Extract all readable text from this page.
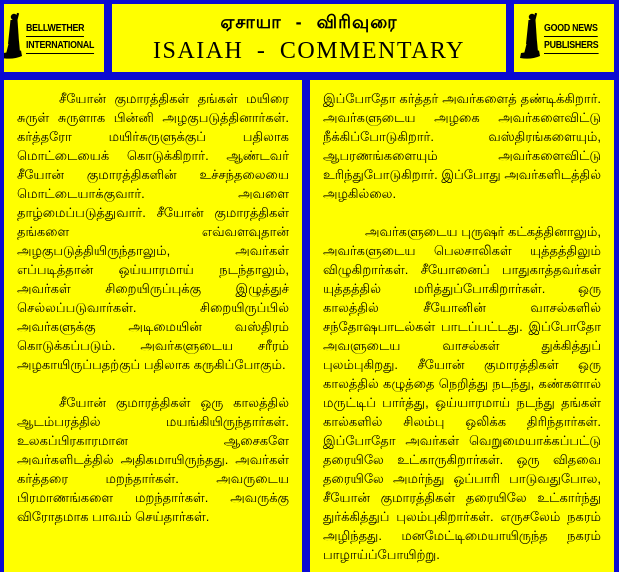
BELLWETHER
INTERNATIONAL
ஏசாயா - விரிவுரை
ISAIAH - COMMENTARY
GOOD NEWS
PUBLISHERS

சீயோன் குமாரத்திகள் தங்கள் மயிரை சுருள் சுருளாக பின்னி அழகுபடுத்தினார்கள். கர்த்தரோ மயிர்சுருளுக்குப் பதிலாக மொட்டையைக் கொடுக்கிறார். ஆண்டவர் சீயோன் குமாரத்திகளின் உச்சந்தலையை மொட்டையாக்குவார். அவளை தாழ்மைப்படுத்துவார். சீயோன் குமாரத்திகள் தங்களை எவ்வளவுதான் அழகுபடுத்தியிருந்தாலும், அவர்கள் எப்படித்தான் ஒய்யாரமாய் நடந்தாலும், அவர்கள் சிறையிருப்புக்கு இழுத்துச் செல்லப்படுவார்கள். சிறையிருப்பில் அவர்களுக்கு அடிமையின் வஸ்திரம் கொடுக்கப்படும். அவர்களுடைய சரீரம் அழகாயிருப்பதற்குப் பதிலாக கருகிப்போகும்.

சீயோன் குமாரத்திகள் ஒரு காலத்தில் ஆடம்பரத்தில் மயங்கியிருந்தார்கள். உலகப்பிரகாரமான ஆசைகளே அவர்களிடத்தில் அதிகமாயிருந்தது. அவர்கள் கர்த்தரை மறந்தார்கள். அவருடைய பிரமாணங்களை மறந்தார்கள். அவருக்கு விரோதமாக பாவம் செய்தார்கள்.

இப்போதோ கர்த்தர் அவர்களைத் தண்டிக்கிறார். அவர்களுடைய அழகை அவர்களைவிட்டு நீக்கிப்போடுகிறார். வஸ்திரங்களையும், ஆபரணங்களையும் அவர்களைவிட்டு உரிந்துபோடுகிறார். இப்போது அவர்களிடத்தில் அழகில்லை.

அவர்களுடைய புருஷர் கட்கத்தினாலும், அவர்களுடைய பெலசாலிகள் யுத்தத்திலும் விழுகிறார்கள். சீயோனைப் பாதுகாத்தவர்கள் யுத்தத்தில் மரித்துப்போகிறார்கள். ஒரு காலத்தில் சீயோனின் வாசல்களில் சந்தோஷபாடல்கள் பாடப்பட்டது. இப்போதோ அவளுடைய வாசல்கள் துக்கித்துப் புலம்புகிறது. சீயோன் குமாரத்திகள் ஒரு காலத்தில் கழுத்தை நெறித்து நடந்து, கண்களால் மருட்டிப் பார்த்து, ஒய்யாரமாய் நடந்து தங்கள் கால்களில் சிலம்பு ஒலிக்க திரிந்தார்கள். இப்போதோ அவர்கள் வெறுமையாக்கப்பட்டு தரையிலே உட்காருகிறார்கள். ஒரு விதவை தரையிலே அமர்ந்து ஒப்பாரி பாடுவதுபோல, சீயோன் குமாரத்திகள் தரையிலே உட்கார்ந்து துர்க்கித்துப் புலம்புகிறார்கள். எருசலேம் நகரம் அழிந்தது. மனமேட்டிமையாயிருந்த நகரம் பாழாய்ப்போயிற்று.
